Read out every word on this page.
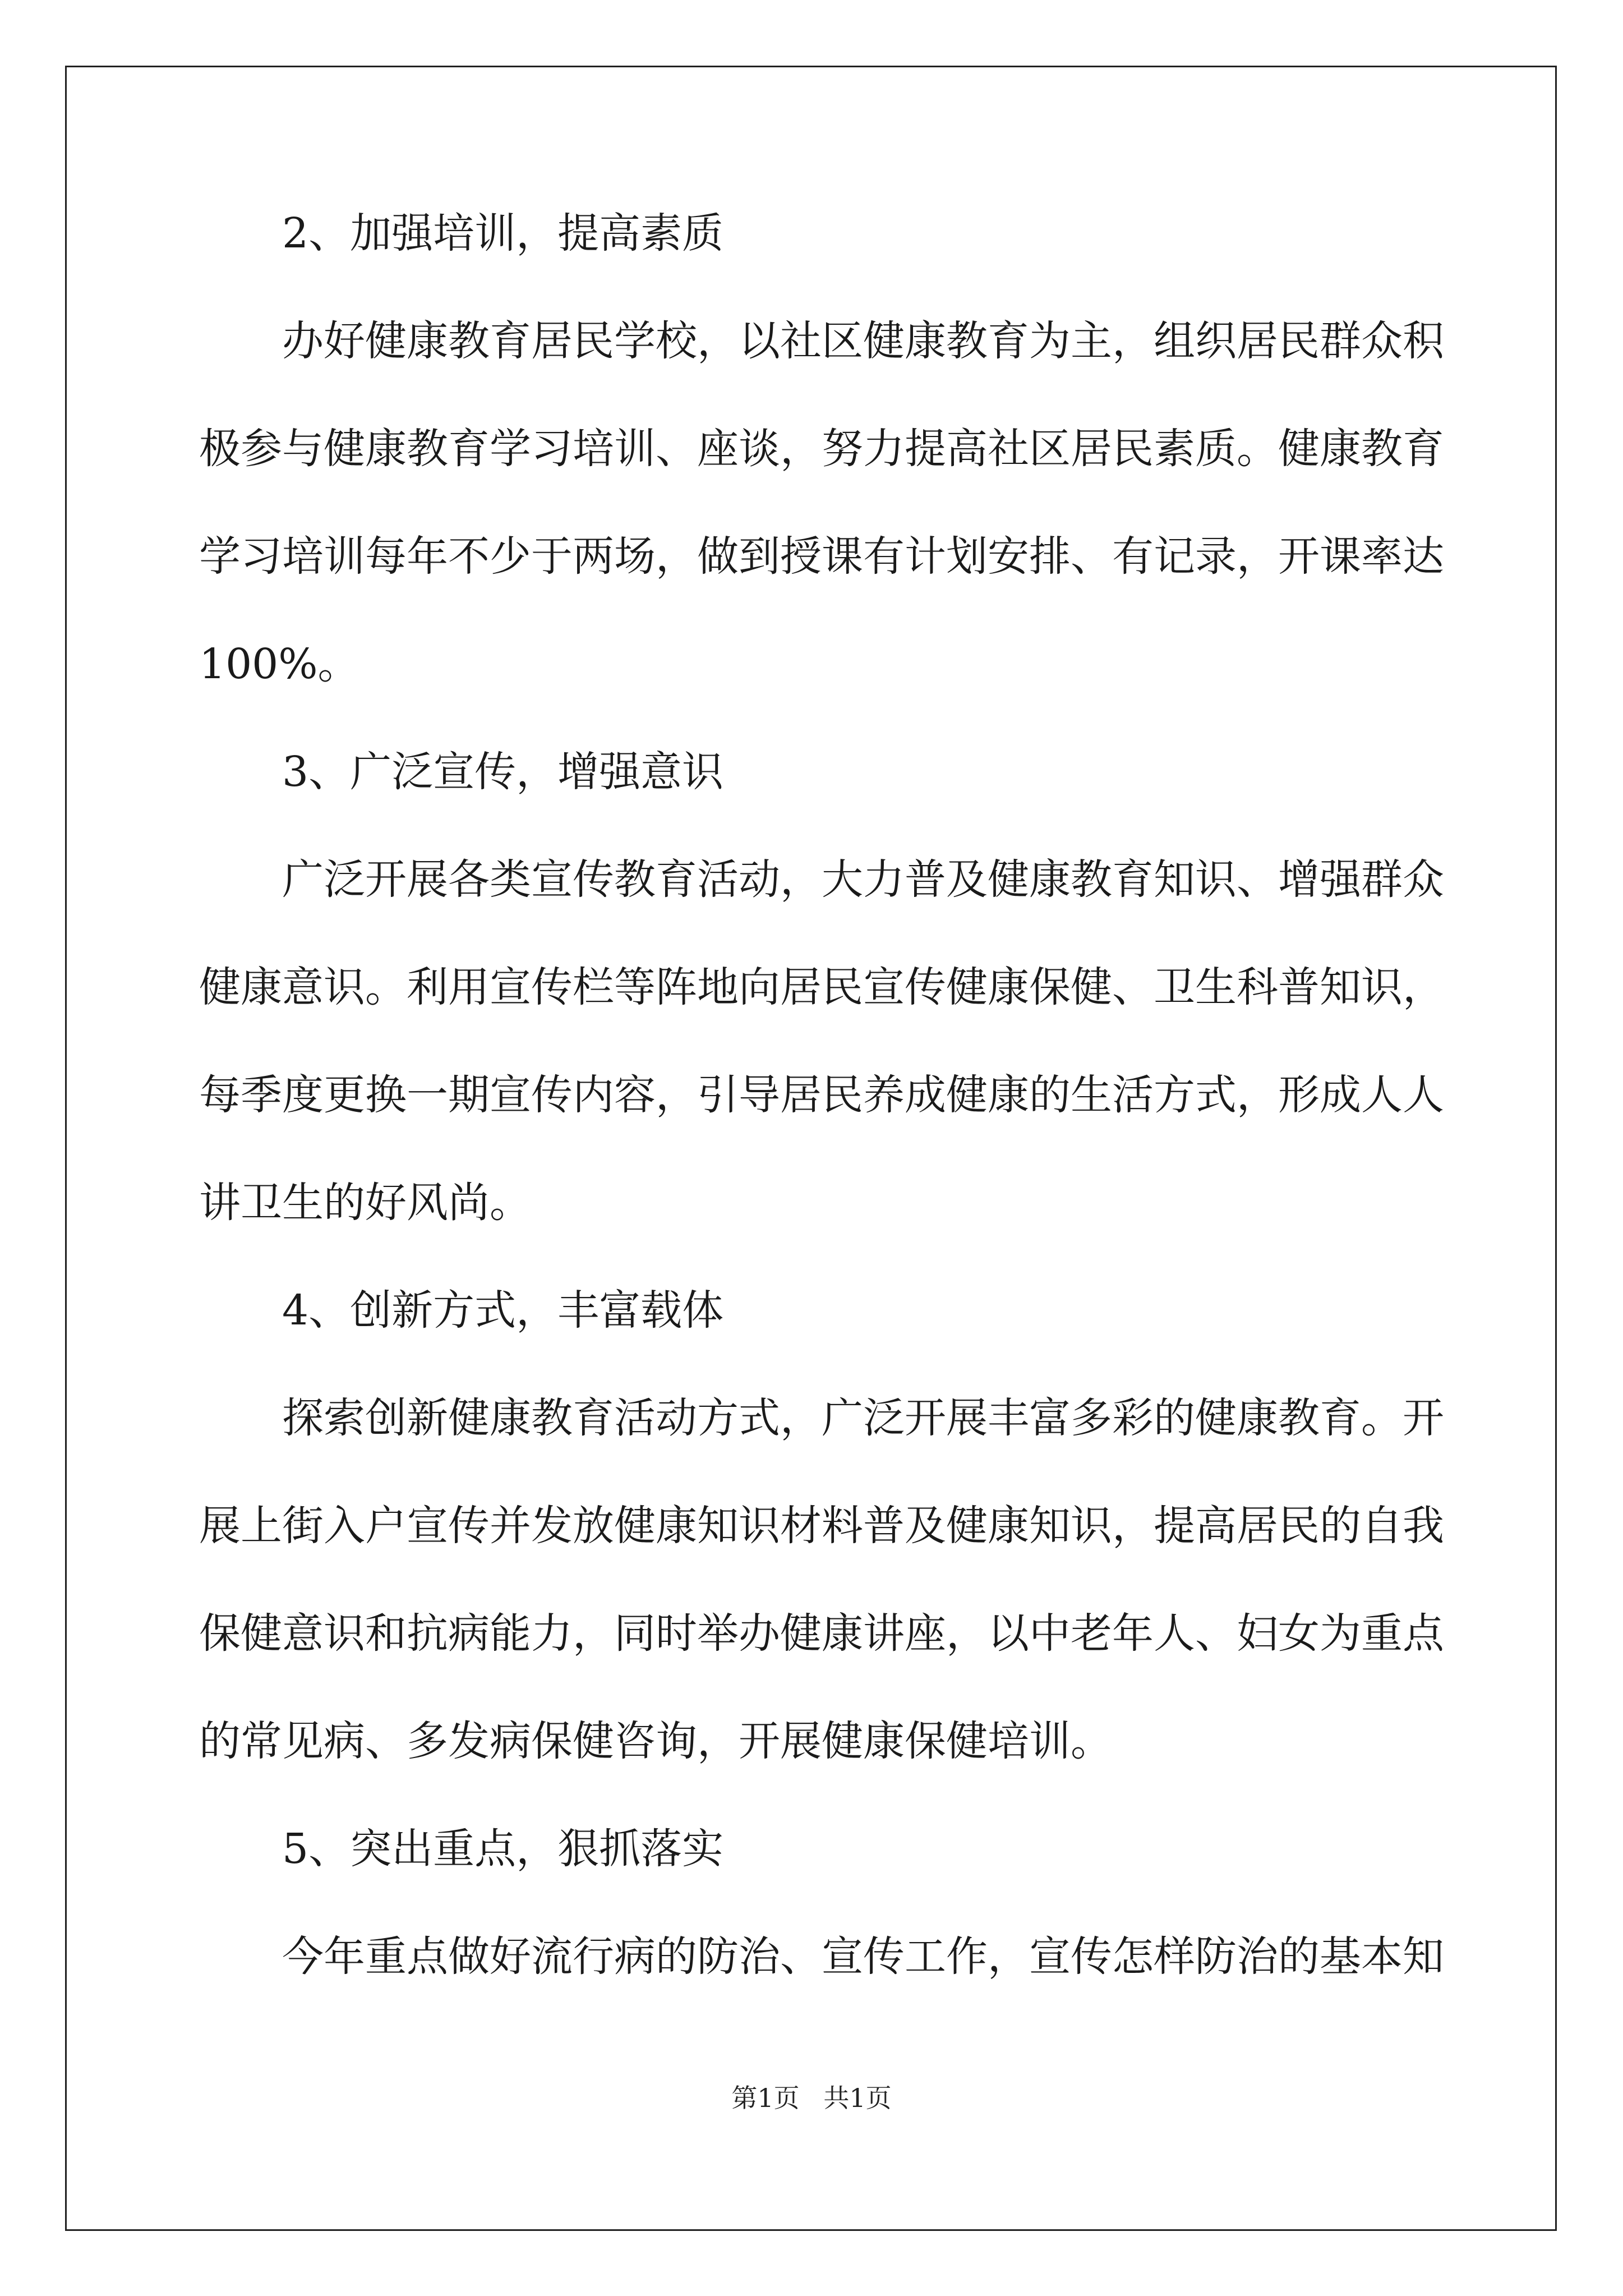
2、加强培训，提高素质

办好健康教育居民学校，以社区健康教育为主，组织居民群众积

极参与健康教育学习培训、座谈，努力提高社区居民素质。健康教育

学习培训每年不少于两场，做到授课有计划安排、有记录，开课率达

100%。

3、广泛宣传，增强意识

广泛开展各类宣传教育活动，大力普及健康教育知识、增强群众

健康意识。利用宣传栏等阵地向居民宣传健康保健、卫生科普知识，

每季度更换一期宣传内容，引导居民养成健康的生活方式，形成人人

讲卫生的好风尚。

4、创新方式，丰富载体

探索创新健康教育活动方式，广泛开展丰富多彩的健康教育。开

展上街入户宣传并发放健康知识材料普及健康知识，提高居民的自我

保健意识和抗病能力，同时举办健康讲座，以中老年人、妇女为重点

的常见病、多发病保健咨询，开展健康保健培训。

5、突出重点，狠抓落实

今年重点做好流行病的防治、宣传工作，宣传怎样防治的基本知

第1页 共1页
